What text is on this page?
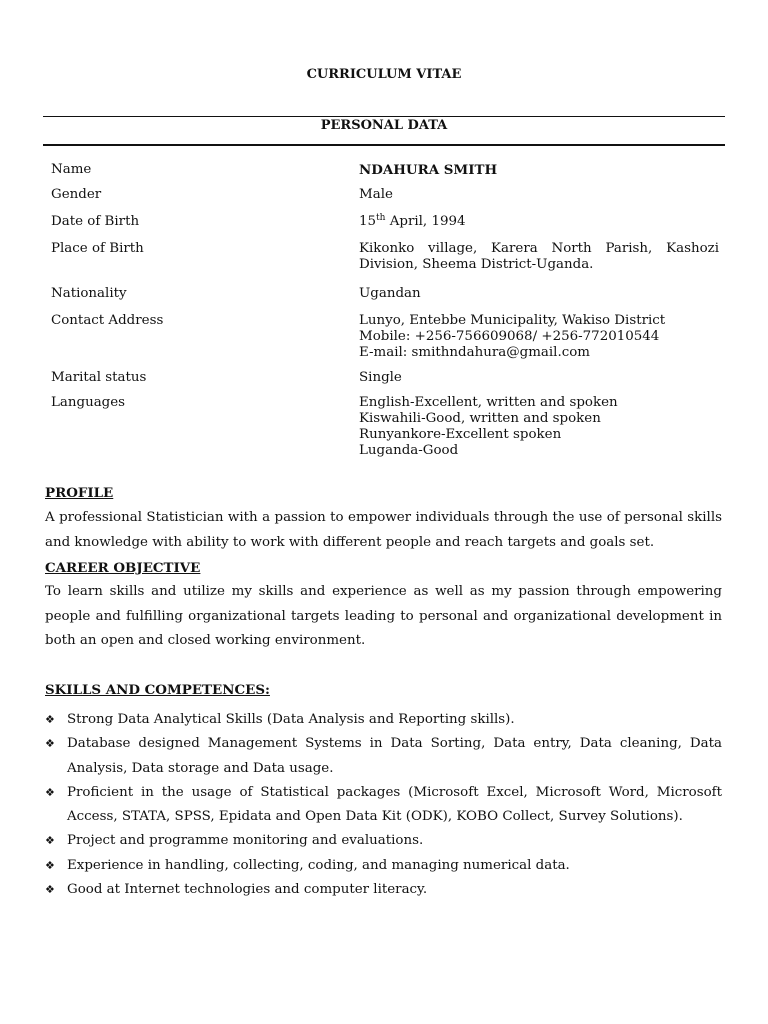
CURRICULUM VITAE
PERSONAL DATA
Name	NDAHURA SMITH
Gender	Male
Date of Birth	15th April, 1994
Place of Birth	Kikonko village, Karera North Parish, Kashozi Division, Sheema District-Uganda.
Nationality	Ugandan
Contact Address	Lunyo, Entebbe Municipality, Wakiso District
Mobile: +256-756609068/ +256-772010544
E-mail: smithndahura@gmail.com
Marital status	Single
Languages	English-Excellent, written and spoken
Kiswahili-Good, written and spoken
Runyankore-Excellent spoken
Luganda-Good
PROFILE
A professional Statistician with a passion to empower individuals through the use of personal skills and knowledge with ability to work with different people and reach targets and goals set.
CAREER OBJECTIVE
To learn skills and utilize my skills and experience as well as my passion through empowering people and fulfilling organizational targets leading to personal and organizational development in both an open and closed working environment.
SKILLS AND COMPETENCES:
❖ Strong Data Analytical Skills (Data Analysis and Reporting skills).
❖ Database designed Management Systems in Data Sorting, Data entry, Data cleaning, Data Analysis, Data storage and Data usage.
❖ Proficient in the usage of Statistical packages (Microsoft Excel, Microsoft Word, Microsoft Access, STATA, SPSS, Epidata and Open Data Kit (ODK), KOBO Collect, Survey Solutions).
❖ Project and programme monitoring and evaluations.
❖ Experience in handling, collecting, coding, and managing numerical data.
❖ Good at Internet technologies and computer literacy.
